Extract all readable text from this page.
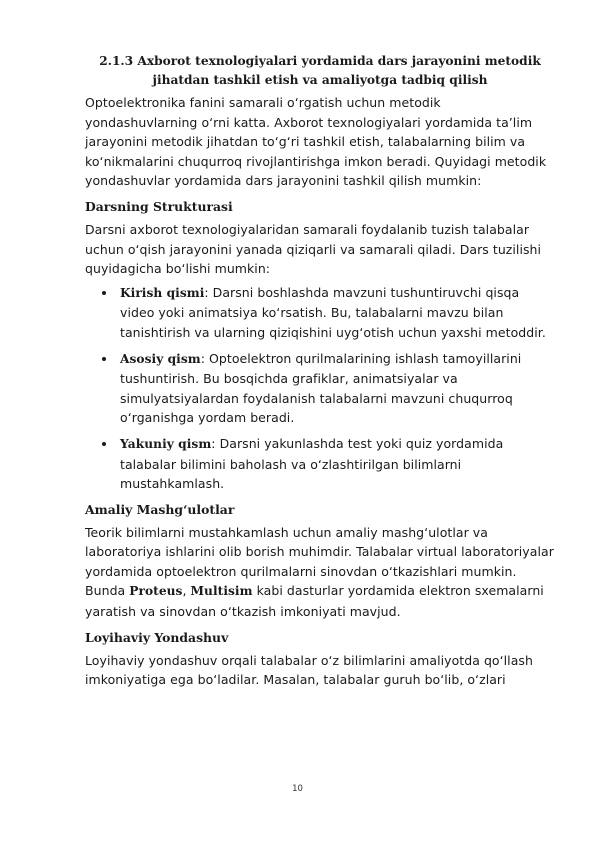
2.1.3 Axborot texnologiyalari yordamida dars jarayonini metodik
jihatdan tashkil etish va amaliyotga tadbiq qilish

Optoelektronika fanini samarali o‘rgatish uchun metodik yondashuvlarning o‘rni katta. Axborot texnologiyalari yordamida ta’lim jarayonini metodik jihatdan to‘g‘ri tashkil etish, talabalarning bilim va ko‘nikmalarini chuqurroq rivojlantirishga imkon beradi. Quyidagi metodik yondashuvlar yordamida dars jarayonini tashkil qilish mumkin:

Darsning Strukturasi

Darsni axborot texnologiyalaridan samarali foydalanib tuzish talabalar uchun o‘qish jarayonini yanada qiziqarli va samarali qiladi. Dars tuzilishi quyidagicha bo‘lishi mumkin:

Kirish qismi: Darsni boshlashda mavzuni tushuntiruvchi qisqa video yoki animatsiya ko‘rsatish. Bu, talabalarni mavzu bilan tanishtirish va ularning qiziqishini uyg‘otish uchun yaxshi metoddir.
Asosiy qism: Optoelektron qurilmalarining ishlash tamoyillarini tushuntirish. Bu bosqichda grafiklar, animatsiyalar va simulyatsiyalardan foydalanish talabalarni mavzuni chuqurroq o‘rganishga yordam beradi.
Yakuniy qism: Darsni yakunlashda test yoki quiz yordamida talabalar bilimini baholash va o‘zlashtirilgan bilimlarni mustahkamlash.
Amaliy Mashg‘ulotlar

Teorik bilimlarni mustahkamlash uchun amaliy mashg‘ulotlar va laboratoriya ishlarini olib borish muhimdir. Talabalar virtual laboratoriyalar yordamida optoelektron qurilmalarni sinovdan o‘tkazishlari mumkin. Bunda Proteus, Multisim kabi dasturlar yordamida elektron sxemalarni yaratish va sinovdan o‘tkazish imkoniyati mavjud.

Loyihaviy Yondashuv

Loyihaviy yondashuv orqali talabalar o‘z bilimlarini amaliyotda qo‘llash imkoniyatiga ega bo‘ladilar. Masalan, talabalar guruh bo‘lib, o‘zlari

10
